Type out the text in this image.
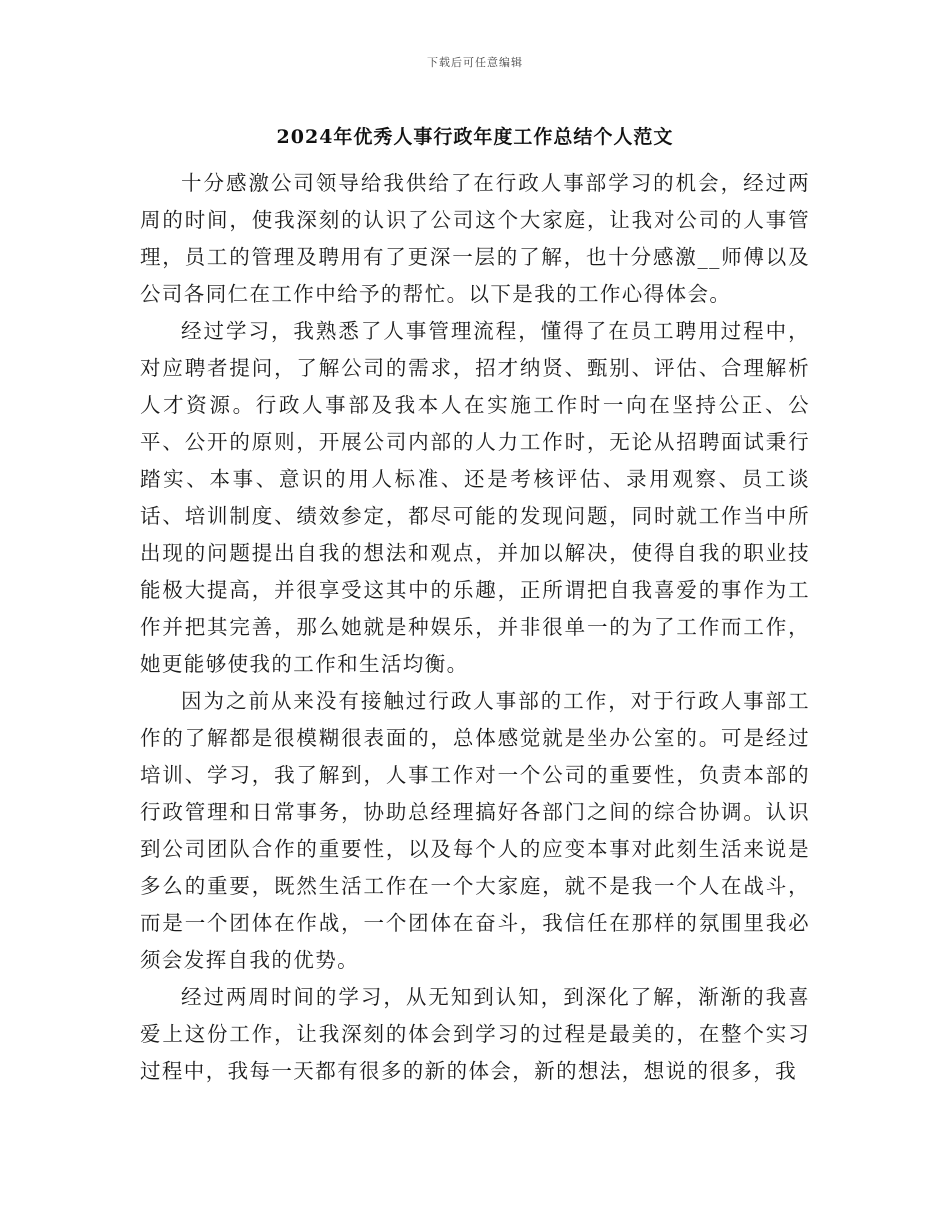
下载后可任意编辑
2024年优秀人事行政年度工作总结个人范文

十分感激公司领导给我供给了在行政人事部学习的机会，经过两周的时间，使我深刻的认识了公司这个大家庭，让我对公司的人事管理，员工的管理及聘用有了更深一层的了解，也十分感激__师傅以及公司各同仁在工作中给予的帮忙。以下是我的工作心得体会。

经过学习，我熟悉了人事管理流程，懂得了在员工聘用过程中，对应聘者提问，了解公司的需求，招才纳贤、甄别、评估、合理解析人才资源。行政人事部及我本人在实施工作时一向在坚持公正、公平、公开的原则，开展公司内部的人力工作时，无论从招聘面试秉行踏实、本事、意识的用人标准、还是考核评估、录用观察、员工谈话、培训制度、绩效参定，都尽可能的发现问题，同时就工作当中所出现的问题提出自我的想法和观点，并加以解决，使得自我的职业技能极大提高，并很享受这其中的乐趣，正所谓把自我喜爱的事作为工作并把其完善，那么她就是种娱乐，并非很单一的为了工作而工作，她更能够使我的工作和生活均衡。

因为之前从来没有接触过行政人事部的工作，对于行政人事部工作的了解都是很模糊很表面的，总体感觉就是坐办公室的。可是经过培训、学习，我了解到，人事工作对一个公司的重要性，负责本部的行政管理和日常事务，协助总经理搞好各部门之间的综合协调。认识到公司团队合作的重要性，以及每个人的应变本事对此刻生活来说是多么的重要，既然生活工作在一个大家庭，就不是我一个人在战斗，而是一个团体在作战，一个团体在奋斗，我信任在那样的氛围里我必须会发挥自我的优势。

经过两周时间的学习，从无知到认知，到深化了解，渐渐的我喜爱上这份工作，让我深刻的体会到学习的过程是最美的，在整个实习过程中，我每一天都有很多的新的体会，新的想法，想说的很多，我
